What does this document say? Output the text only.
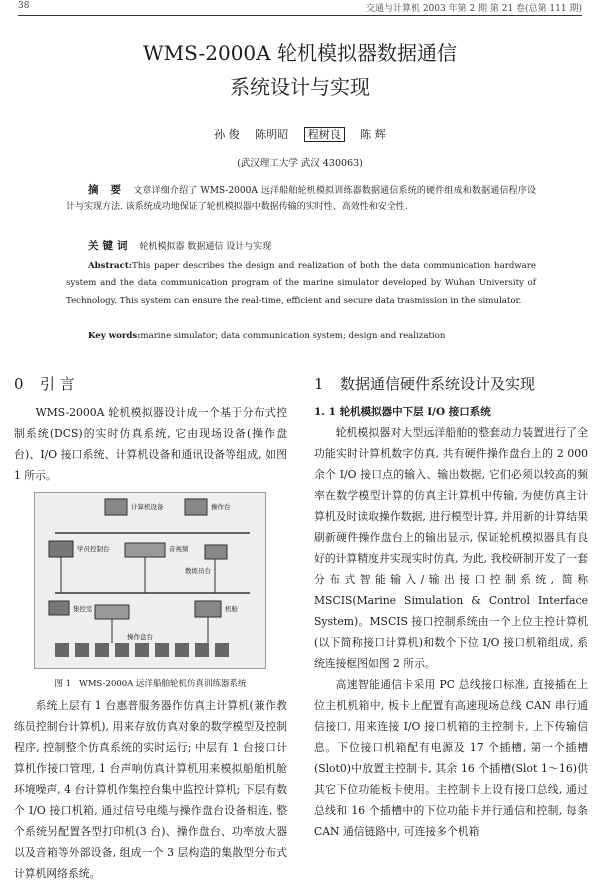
38	交通与计算机 2003 年第 2 期 第 21 卷(总第 111 期)
WMS-2000A 轮机模拟器数据通信
系统设计与实现
孙 俊 陈明昭 程树良 陈 辉
(武汉理工大学 武汉 430063)
摘 要 文章详细介绍了 WMS-2000A 远洋船舶轮机模拟训练器数据通信系统的硬件组成和数据通信程序设计与实现方法. 该系统成功地保证了轮机模拟器中数据传输的实时性、高效性和安全性.
关键词 轮机模拟器 数据通信 设计与实现
Abstract:This paper describes the design and realization of both the data communication hardware system and the data communication program of the marine simulator developed by Wuhan University of Technology. This system can ensure the real-time, efficient and secure data trasmission in the simulator.
Key words:marine simulator; data communication system; design and realization
0 引 言

WMS-2000A 轮机模拟器设计成一个基于分布式控制系统(DCS)的实时仿真系统, 它由现场设备(操作盘台)、I/O 接口系统、计算机设备和通讯设备等组成, 如图 1 所示。

计算机设备	操作台
学员控制台	音视频
教练员台
集控室	机舱
操作盘台
图 1 WMS-2000A 远洋船舶轮机仿真训练器系统

系统上层有 1 台惠普服务器作仿真主计算机(兼作教练员控制台计算机), 用来存放仿真对象的数学模型及控制程序, 控制整个仿真系统的实时运行; 中层有 1 台接口计算机作接口管理, 1 台声响仿真计算机用来模拟船舶机舱环境噪声, 4 台计算机作集控台集中监控计算机; 下层有数个 I/O 接口机箱, 通过信号电缆与操作盘台设备相连, 整个系统另配置各型打印机(3 台)、操作盘台、功率放大器以及音箱等外部设备, 组成一个 3 层构造的集散型分布式计算机网络系统。

1 数据通信硬件系统设计及实现
1. 1 轮机模拟器中下层 I/O 接口系统

轮机模拟器对大型远洋船舶的整套动力装置进行了全功能实时计算机数字仿真, 共有硬件操作盘台上的 2 000 余个 I/O 接口点的输入、输出数据, 它们必须以较高的频率在数学模型计算的仿真主计算机中传输, 为使仿真主计算机及时读取操作数据, 进行模型计算, 并用新的计算结果刷新硬件操作盘台上的输出显示, 保证轮机模拟器具有良好的计算精度并实现实时仿真, 为此, 我校研制开发了一套分布式智能输入/输出接口控制系统, 简称 MSCIS(Marine Simulation & Control Interface System)。MSCIS 接口控制系统由一个上位主控计算机(以下简称接口计算机)和数个下位 I/O 接口机箱组成, 系统连接框图如图 2 所示。

高速智能通信卡采用 PC 总线接口标准, 直接插在上位主机机箱中, 板卡上配置有高速现场总线 CAN 串行通信接口, 用来连接 I/O 接口机箱的主控制卡, 上下传输信息。下位接口机箱配有电源及 17 个插槽, 第一个插槽(Slot0)中放置主控制卡, 其余 16 个插槽(Slot 1～16)供其它下位功能板卡使用。主控制卡上设有接口总线, 通过总线和 16 个插槽中的下位功能卡并行通信和控制, 每条 CAN 通信链路中, 可连接多个机箱
